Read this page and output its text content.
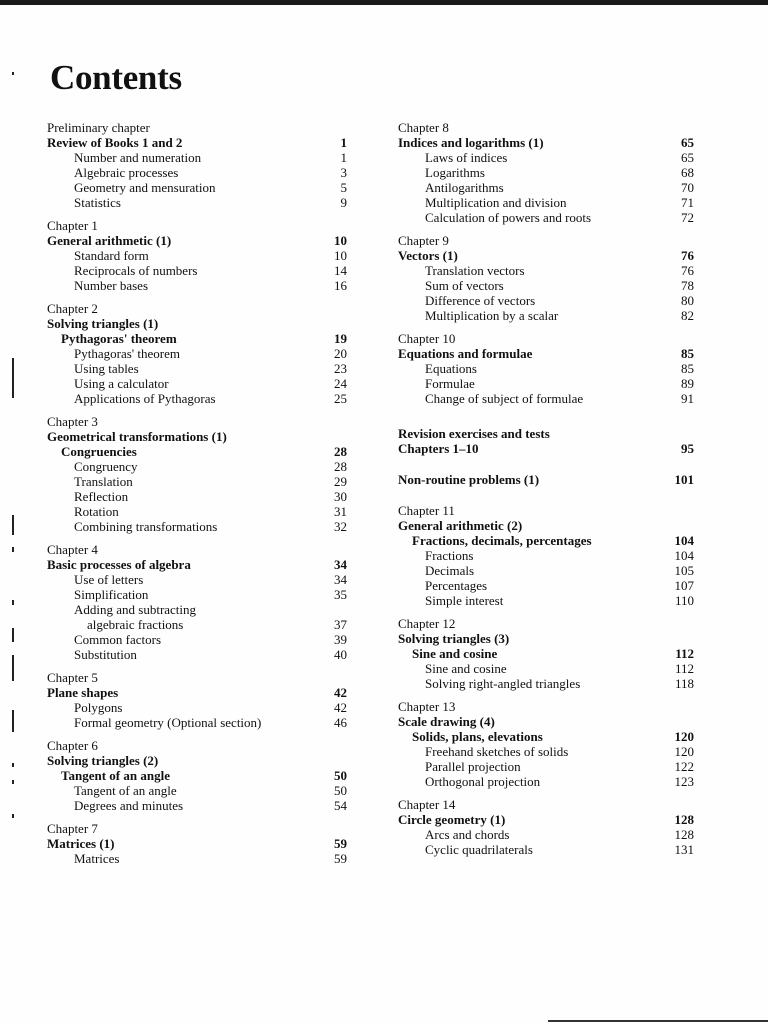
Contents
Preliminary chapter
Review of Books 1 and 2	1
Number and numeration	1
Algebraic processes	3
Geometry and mensuration	5
Statistics	9
Chapter 1
General arithmetic (1)	10
Standard form	10
Reciprocals of numbers	14
Number bases	16
Chapter 2
Solving triangles (1)
Pythagoras' theorem	19
Pythagoras' theorem	20
Using tables	23
Using a calculator	24
Applications of Pythagoras	25
Chapter 3
Geometrical transformations (1)
Congruencies	28
Congruency	28
Translation	29
Reflection	30
Rotation	31
Combining transformations	32
Chapter 4
Basic processes of algebra	34
Use of letters	34
Simplification	35
Adding and subtracting
algebraic fractions	37
Common factors	39
Substitution	40
Chapter 5
Plane shapes	42
Polygons	42
Formal geometry (Optional section)	46
Chapter 6
Solving triangles (2)
Tangent of an angle	50
Tangent of an angle	50
Degrees and minutes	54
Chapter 7
Matrices (1)	59
Matrices	59
Chapter 8
Indices and logarithms (1)	65
Laws of indices	65
Logarithms	68
Antilogarithms	70
Multiplication and division	71
Calculation of powers and roots	72
Chapter 9
Vectors (1)	76
Translation vectors	76
Sum of vectors	78
Difference of vectors	80
Multiplication by a scalar	82
Chapter 10
Equations and formulae	85
Equations	85
Formulae	89
Change of subject of formulae	91
Revision exercises and tests
Chapters 1–10	95
Non-routine problems (1)	101
Chapter 11
General arithmetic (2)
Fractions, decimals, percentages	104
Fractions	104
Decimals	105
Percentages	107
Simple interest	110
Chapter 12
Solving triangles (3)
Sine and cosine	112
Sine and cosine	112
Solving right-angled triangles	118
Chapter 13
Scale drawing (4)
Solids, plans, elevations	120
Freehand sketches of solids	120
Parallel projection	122
Orthogonal projection	123
Chapter 14
Circle geometry (1)	128
Arcs and chords	128
Cyclic quadrilaterals	131
